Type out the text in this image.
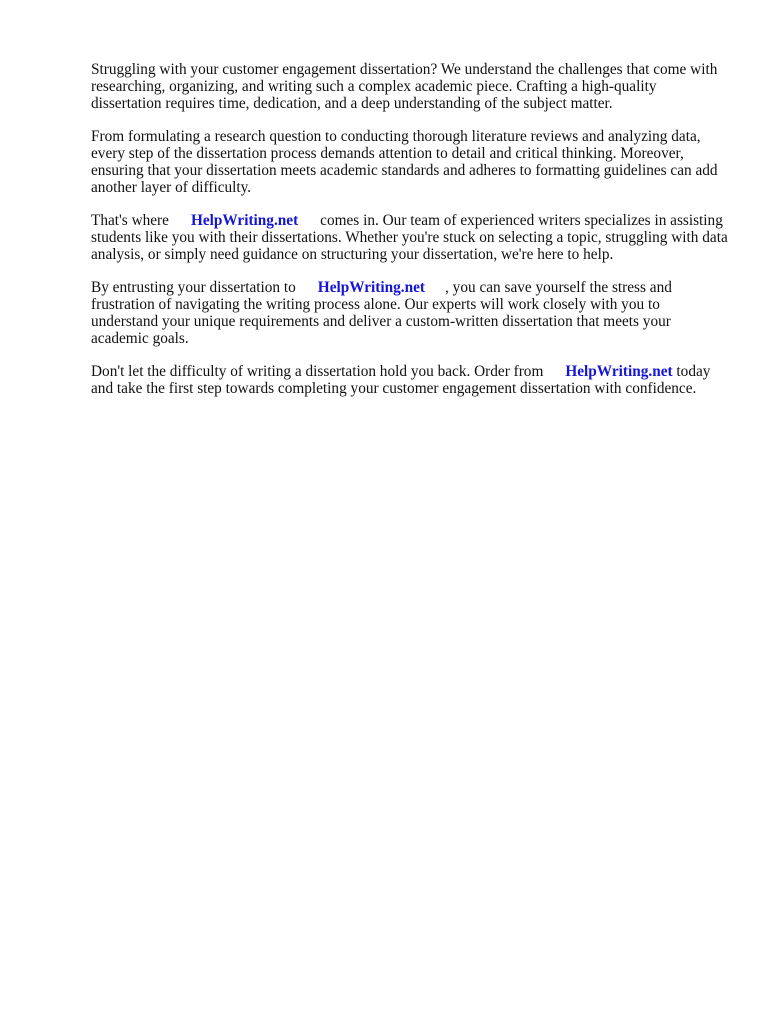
Struggling with your customer engagement dissertation? We understand the challenges that come with researching, organizing, and writing such a complex academic piece. Crafting a high-quality dissertation requires time, dedication, and a deep understanding of the subject matter.

From formulating a research question to conducting thorough literature reviews and analyzing data, every step of the dissertation process demands attention to detail and critical thinking. Moreover, ensuring that your dissertation meets academic standards and adheres to formatting guidelines can add another layer of difficulty.

That's where HelpWriting.net comes in. Our team of experienced writers specializes in assisting students like you with their dissertations. Whether you're stuck on selecting a topic, struggling with data analysis, or simply need guidance on structuring your dissertation, we're here to help.

By entrusting your dissertation to HelpWriting.net , you can save yourself the stress and frustration of navigating the writing process alone. Our experts will work closely with you to understand your unique requirements and deliver a custom-written dissertation that meets your academic goals.

Don't let the difficulty of writing a dissertation hold you back. Order from HelpWriting.net today and take the first step towards completing your customer engagement dissertation with confidence.
